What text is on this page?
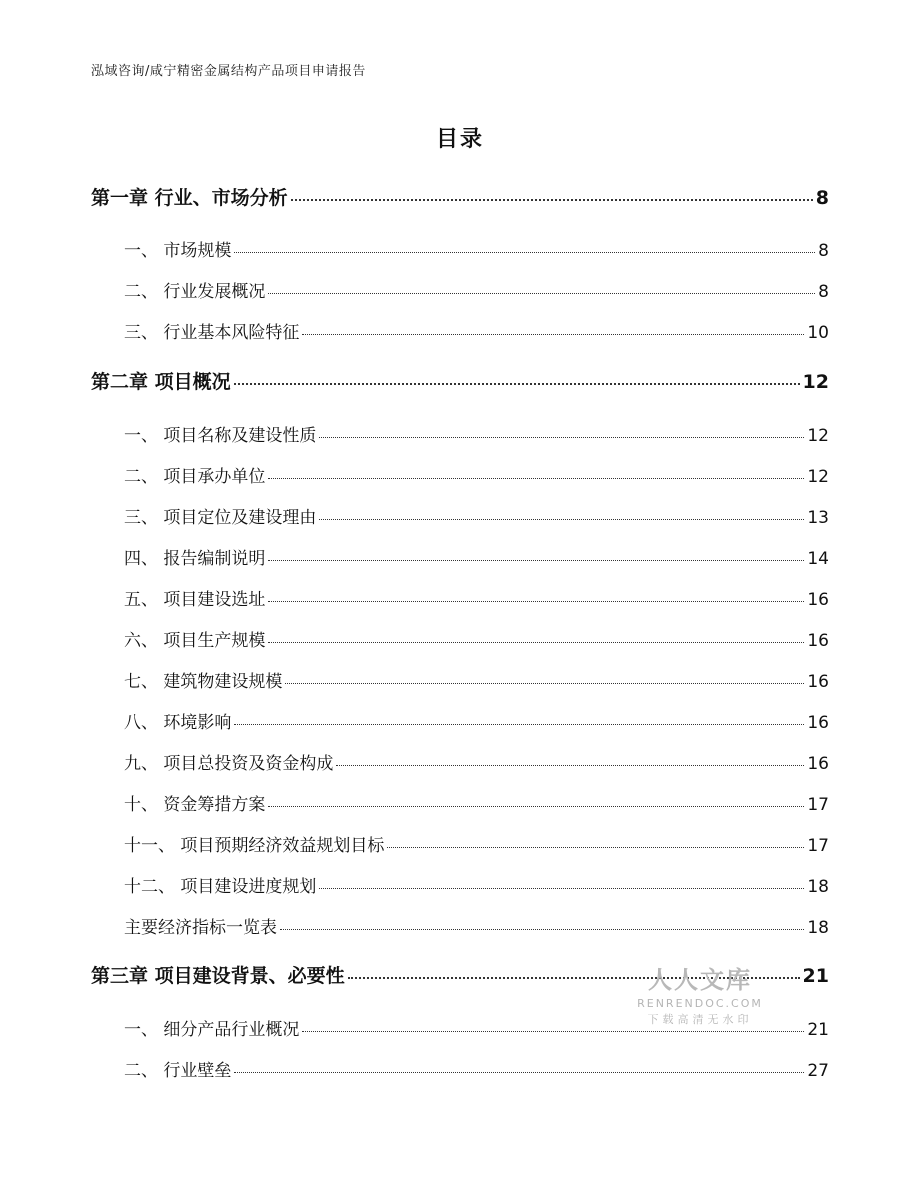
泓域咨询/咸宁精密金属结构产品项目申请报告
目录
第一章 行业、市场分析	8
一、 市场规模	8
二、 行业发展概况	8
三、 行业基本风险特征	10
第二章 项目概况	12
一、 项目名称及建设性质	12
二、 项目承办单位	12
三、 项目定位及建设理由	13
四、 报告编制说明	14
五、 项目建设选址	16
六、 项目生产规模	16
七、 建筑物建设规模	16
八、 环境影响	16
九、 项目总投资及资金构成	16
十、 资金筹措方案	17
十一、 项目预期经济效益规划目标	17
十二、 项目建设进度规划	18
主要经济指标一览表	18
第三章 项目建设背景、必要性	21
一、 细分产品行业概况	21
二、 行业壁垒	27
人人文库
RENRENDOC.COM
下载高清无水印
